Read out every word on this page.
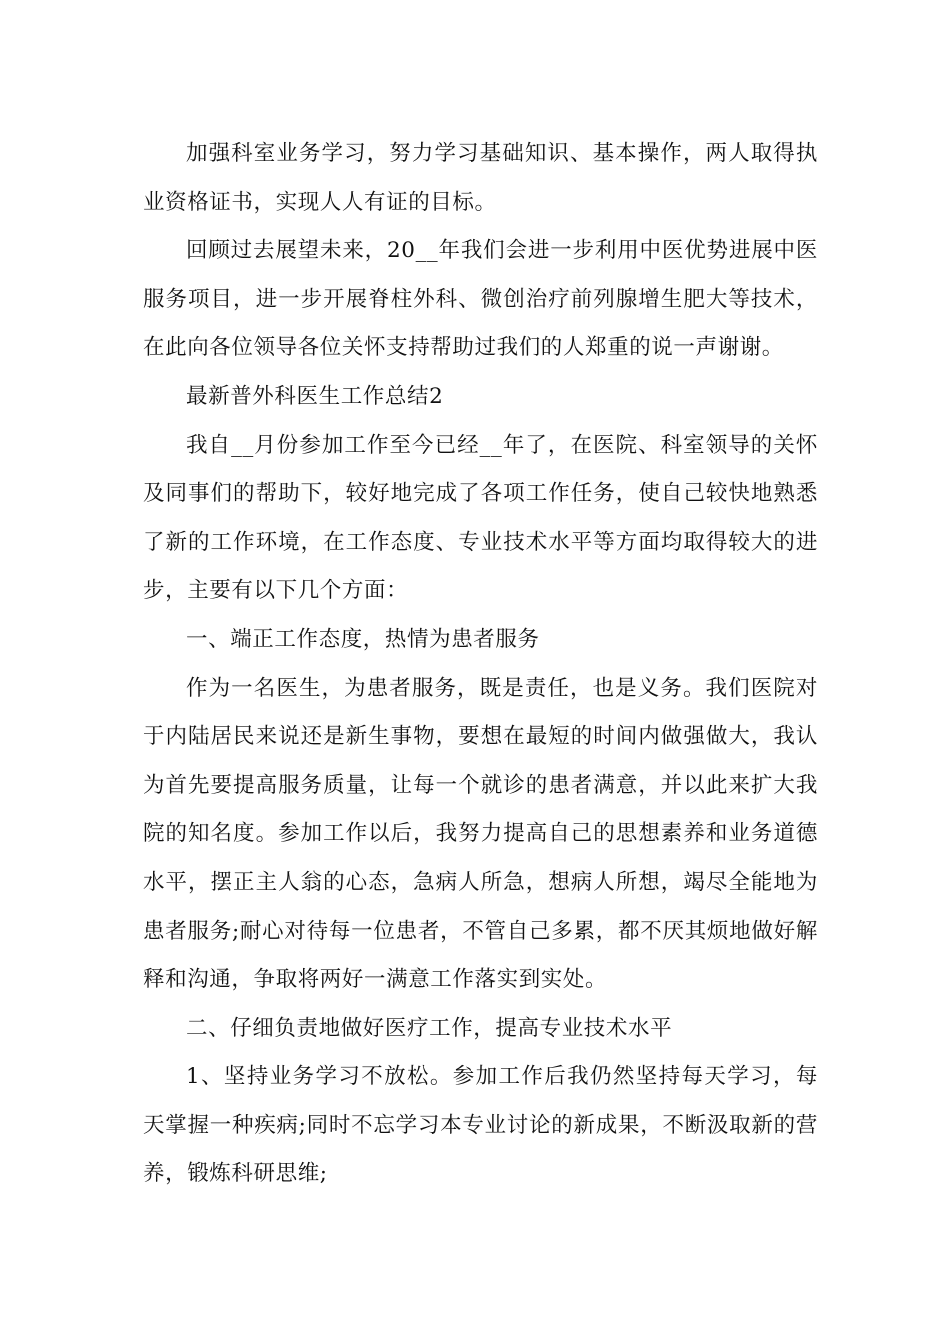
加强科室业务学习，努力学习基础知识、基本操作，两人取得执业资格证书，实现人人有证的目标。

回顾过去展望未来，20__年我们会进一步利用中医优势进展中医服务项目，进一步开展脊柱外科、微创治疗前列腺增生肥大等技术，在此向各位领导各位关怀支持帮助过我们的人郑重的说一声谢谢。

最新普外科医生工作总结2

我自__月份参加工作至今已经__年了，在医院、科室领导的关怀及同事们的帮助下，较好地完成了各项工作任务，使自己较快地熟悉了新的工作环境，在工作态度、专业技术水平等方面均取得较大的进步，主要有以下几个方面：

一、端正工作态度，热情为患者服务

作为一名医生，为患者服务，既是责任，也是义务。我们医院对于内陆居民来说还是新生事物，要想在最短的时间内做强做大，我认为首先要提高服务质量，让每一个就诊的患者满意，并以此来扩大我院的知名度。参加工作以后，我努力提高自己的思想素养和业务道德水平，摆正主人翁的心态，急病人所急，想病人所想，竭尽全能地为患者服务;耐心对待每一位患者，不管自己多累，都不厌其烦地做好解释和沟通，争取将两好一满意工作落实到实处。

二、仔细负责地做好医疗工作，提高专业技术水平

1、坚持业务学习不放松。参加工作后我仍然坚持每天学习，每天掌握一种疾病;同时不忘学习本专业讨论的新成果，不断汲取新的营养，锻炼科研思维;
